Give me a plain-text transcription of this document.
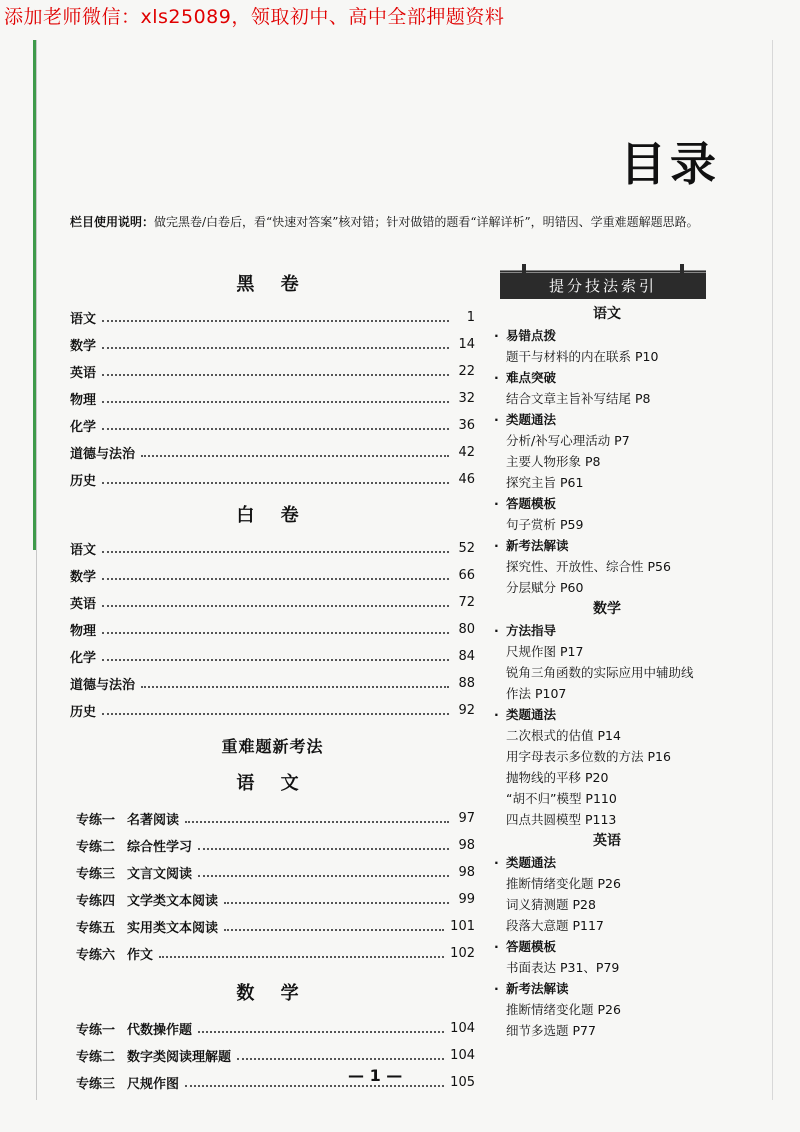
添加老师微信：xls25089，领取初中、高中全部押题资料
目录
栏目使用说明：做完黑卷/白卷后，看“快速对答案”核对错；针对做错的题看“详解详析”，明错因、学重难题解题思路。
黑 卷
语文	1
数学	14
英语	22
物理	32
化学	36
道德与法治	42
历史	46
白 卷
语文	52
数学	66
英语	72
物理	80
化学	84
道德与法治	88
历史	92
重难题新考法
语 文
专练一 名著阅读	97
专练二 综合性学习	98
专练三 文言文阅读	98
专练四 文学类文本阅读	99
专练五 实用类文本阅读	101
专练六 作文	102
数 学
专练一 代数操作题	104
专练二 数字类阅读理解题	104
专练三 尺规作图	105
提分技法索引
语文
· 易错点拨
题干与材料的内在联系 P10
· 难点突破
结合文章主旨补写结尾 P8
· 类题通法
分析/补写心理活动 P7
主要人物形象 P8
探究主旨 P61
· 答题模板
句子赏析 P59
· 新考法解读
探究性、开放性、综合性 P56
分层赋分 P60
数学
· 方法指导
尺规作图 P17
锐角三角函数的实际应用中辅助线
作法 P107
· 类题通法
二次根式的估值 P14
用字母表示多位数的方法 P16
抛物线的平移 P20
“胡不归”模型 P110
四点共圆模型 P113
英语
· 类题通法
推断情绪变化题 P26
词义猜测题 P28
段落大意题 P117
· 答题模板
书面表达 P31、P79
· 新考法解读
推断情绪变化题 P26
细节多选题 P77
— 1 —
